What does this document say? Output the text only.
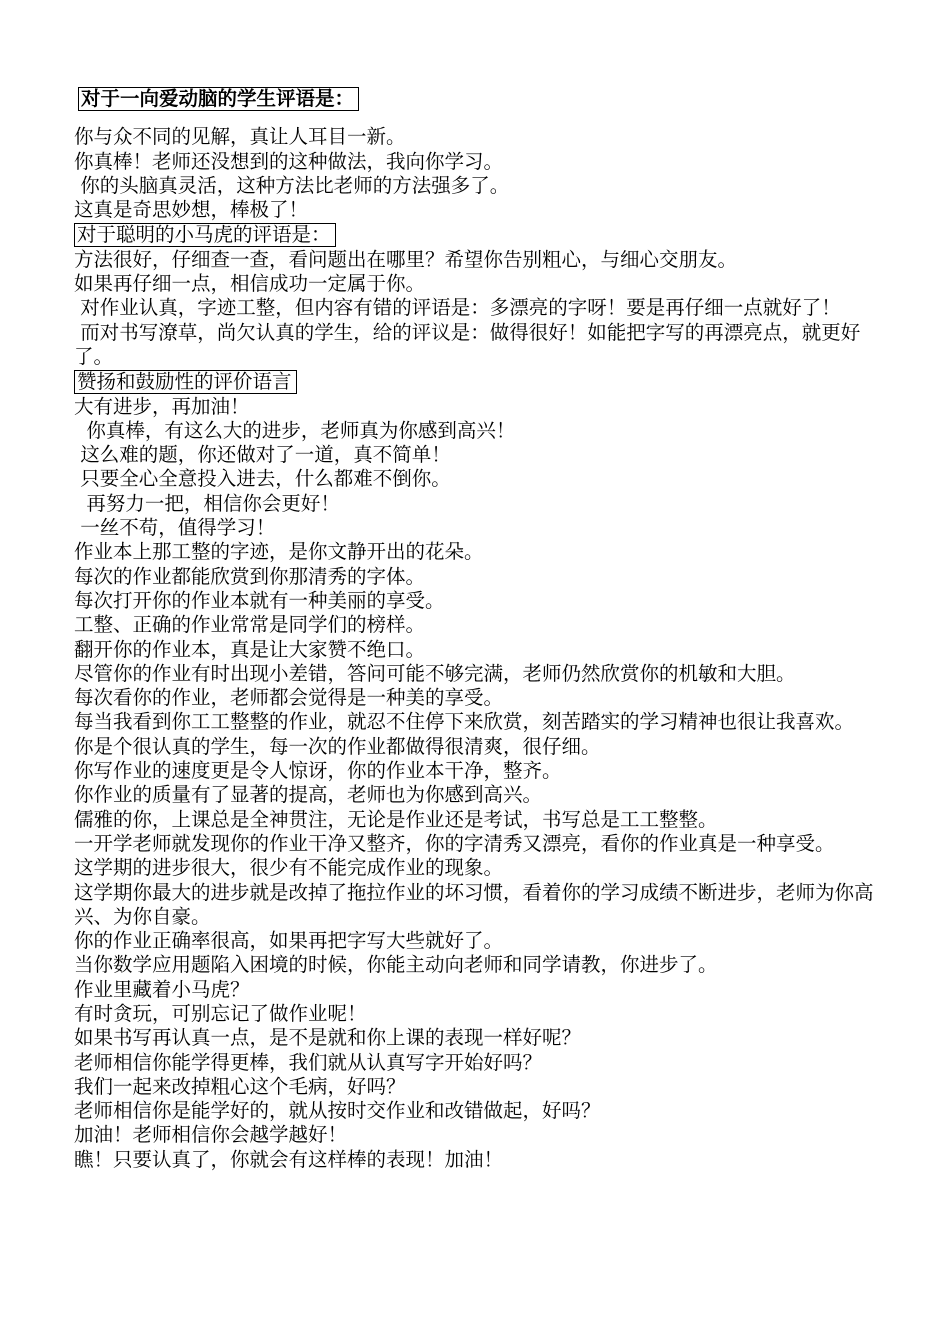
对于一向爱动脑的学生评语是：

你与众不同的见解，真让人耳目一新。

你真棒！老师还没想到的这种做法，我向你学习。

你的头脑真灵活，这种方法比老师的方法强多了。

这真是奇思妙想，棒极了！

对于聪明的小马虎的评语是：

方法很好，仔细查一查，看问题出在哪里？希望你告别粗心，与细心交朋友。

如果再仔细一点，相信成功一定属于你。

对作业认真，字迹工整，但内容有错的评语是：多漂亮的字呀！要是再仔细一点就好了！

而对书写潦草，尚欠认真的学生，给的评议是：做得很好！如能把字写的再漂亮点，就更好了。

赞扬和鼓励性的评价语言

大有进步，再加油！

你真棒，有这么大的进步，老师真为你感到高兴！

这么难的题，你还做对了一道，真不简单！

只要全心全意投入进去，什么都难不倒你。

再努力一把，相信你会更好！

一丝不苟，值得学习！

作业本上那工整的字迹，是你文静开出的花朵。

每次的作业都能欣赏到你那清秀的字体。

每次打开你的作业本就有一种美丽的享受。

工整、正确的作业常常是同学们的榜样。

翻开你的作业本，真是让大家赞不绝口。

尽管你的作业有时出现小差错，答问可能不够完满，老师仍然欣赏你的机敏和大胆。

每次看你的作业，老师都会觉得是一种美的享受。

每当我看到你工工整整的作业，就忍不住停下来欣赏，刻苦踏实的学习精神也很让我喜欢。

你是个很认真的学生，每一次的作业都做得很清爽，很仔细。

你写作业的速度更是令人惊讶，你的作业本干净，整齐。

你作业的质量有了显著的提高，老师也为你感到高兴。

儒雅的你，上课总是全神贯注，无论是作业还是考试，书写总是工工整整。

一开学老师就发现你的作业干净又整齐，你的字清秀又漂亮，看你的作业真是一种享受。

这学期的进步很大，很少有不能完成作业的现象。

这学期你最大的进步就是改掉了拖拉作业的坏习惯，看着你的学习成绩不断进步，老师为你高兴、为你自豪。

你的作业正确率很高，如果再把字写大些就好了。

当你数学应用题陷入困境的时候，你能主动向老师和同学请教，你进步了。

作业里藏着小马虎？

有时贪玩，可别忘记了做作业呢！

如果书写再认真一点，是不是就和你上课的表现一样好呢？

老师相信你能学得更棒，我们就从认真写字开始好吗？

我们一起来改掉粗心这个毛病，好吗？

老师相信你是能学好的，就从按时交作业和改错做起，好吗？

加油！老师相信你会越学越好！

瞧！只要认真了，你就会有这样棒的表现！加油！
